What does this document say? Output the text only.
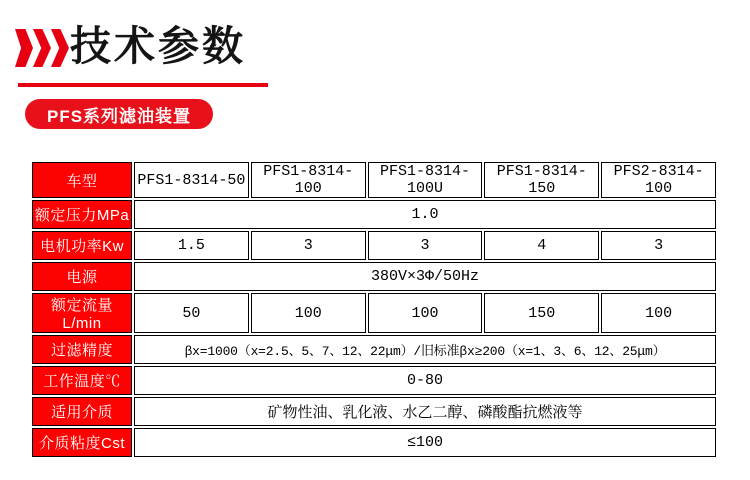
技术参数
PFS系列滤油装置
车型	PFS1-8314-50	PFS1-8314-100	PFS1-8314-100U	PFS1-8314-150	PFS2-8314-100
额定压力MPa	1.0				
电机功率Kw	1.5	3	3	4	3
电源	380V×3Φ/50Hz				
额定流量L/min	50	100	100	150	100
过滤精度	βx=1000（x=2.5、5、7、12、22μm）/旧标准βx≥200（x=1、3、6、12、25μm）				
工作温度℃	0-80				
适用介质	矿物性油、乳化液、水乙二醇、磷酸酯抗燃液等				
介质粘度Cst	≤100				
